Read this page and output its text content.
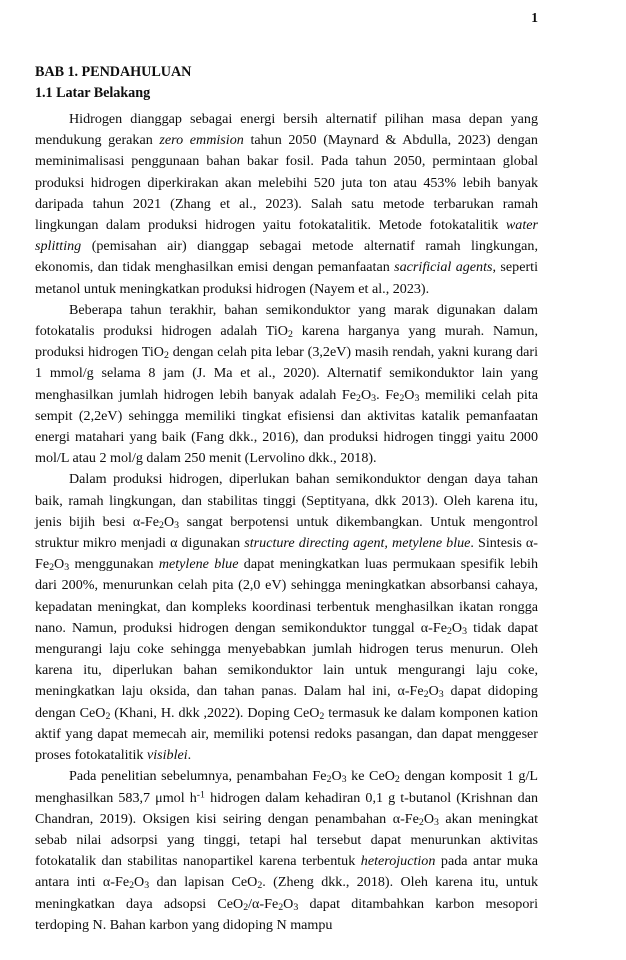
1
BAB 1. PENDAHULUAN
1.1 Latar Belakang

Hidrogen dianggap sebagai energi bersih alternatif pilihan masa depan yang mendukung gerakan zero emmision tahun 2050 (Maynard & Abdulla, 2023) dengan meminimalisasi penggunaan bahan bakar fosil. Pada tahun 2050, permintaan global produksi hidrogen diperkirakan akan melebihi 520 juta ton atau 453% lebih banyak daripada tahun 2021 (Zhang et al., 2023). Salah satu metode terbarukan ramah lingkungan dalam produksi hidrogen yaitu fotokatalitik. Metode fotokatalitik water splitting (pemisahan air) dianggap sebagai metode alternatif ramah lingkungan, ekonomis, dan tidak menghasilkan emisi dengan pemanfaatan sacrificial agents, seperti metanol untuk meningkatkan produksi hidrogen (Nayem et al., 2023).

Beberapa tahun terakhir, bahan semikonduktor yang marak digunakan dalam fotokatalis produksi hidrogen adalah TiO$_2$ karena harganya yang murah. Namun, produksi hidrogen TiO$_2$ dengan celah pita lebar (3,2eV) masih rendah, yakni kurang dari 1 mmol/g selama 8 jam (J. Ma et al., 2020). Alternatif semikonduktor lain yang menghasilkan jumlah hidrogen lebih banyak adalah $Fe_2O_3$. $Fe_2O_3$ memiliki celah pita sempit (2,2eV) sehingga memiliki tingkat efisiensi dan aktivitas katalik pemanfaatan energi matahari yang baik (Fang dkk., 2016), dan produksi hidrogen tinggi yaitu 2000 mol/L atau 2 mol/g dalam 250 menit (Lervolino dkk., 2018).

Dalam produksi hidrogen, diperlukan bahan semikonduktor dengan daya tahan baik, ramah lingkungan, dan stabilitas tinggi (Septityana, dkk 2013). Oleh karena itu, jenis bijih besi $\alpha-Fe_2O_3$ sangat berpotensi untuk dikembangkan. Untuk mengontrol struktur mikro menjadi α digunakan structure directing agent, metylene blue. Sintesis $\alpha-Fe_2O_3$ menggunakan metylene blue dapat meningkatkan luas permukaan spesifik lebih dari 200%, menurunkan celah pita (2,0 eV) sehingga meningkatkan absorbansi cahaya, kepadatan meningkat, dan kompleks koordinasi terbentuk menghasilkan ikatan rongga nano. Namun, produksi hidrogen dengan semikonduktor tunggal $\alpha-Fe_2O_3$ tidak dapat mengurangi laju coke sehingga menyebabkan jumlah hidrogen terus menurun. Oleh karena itu, diperlukan bahan semikonduktor lain untuk mengurangi laju coke, meningkatkan laju oksida, dan tahan panas. Dalam hal ini, $\alpha-Fe_2O_3$ dapat didoping dengan CeO$_2$ (Khani, H. dkk ,2022). Doping CeO$_2$ termasuk ke dalam komponen kation aktif yang dapat memecah air, memiliki potensi redoks pasangan, dan dapat menggeser proses fotokatalitik visiblei.

Pada penelitian sebelumnya, penambahan $Fe_2O_3$ ke CeO$_2$ dengan komposit 1 g/L menghasilkan 583,7 μmol $h^{-1}$ hidrogen dalam kehadiran 0,1 g t-butanol (Krishnan dan Chandran, 2019). Oksigen kisi seiring dengan penambahan $\alpha-Fe_2O_3$ akan meningkat sebab nilai adsorpsi yang tinggi, tetapi hal tersebut dapat menurunkan aktivitas fotokatalik dan stabilitas nanopartikel karena terbentuk heterojuction pada antar muka antara inti $\alpha-Fe_2O_3$ dan lapisan CeO$_2$. (Zheng dkk., 2018). Oleh karena itu, untuk meningkatkan daya adsopsi $CeO_2/\alpha-Fe_2O_3$ dapat ditambahkan karbon mesopori terdoping N. Bahan karbon yang didoping N mampu
